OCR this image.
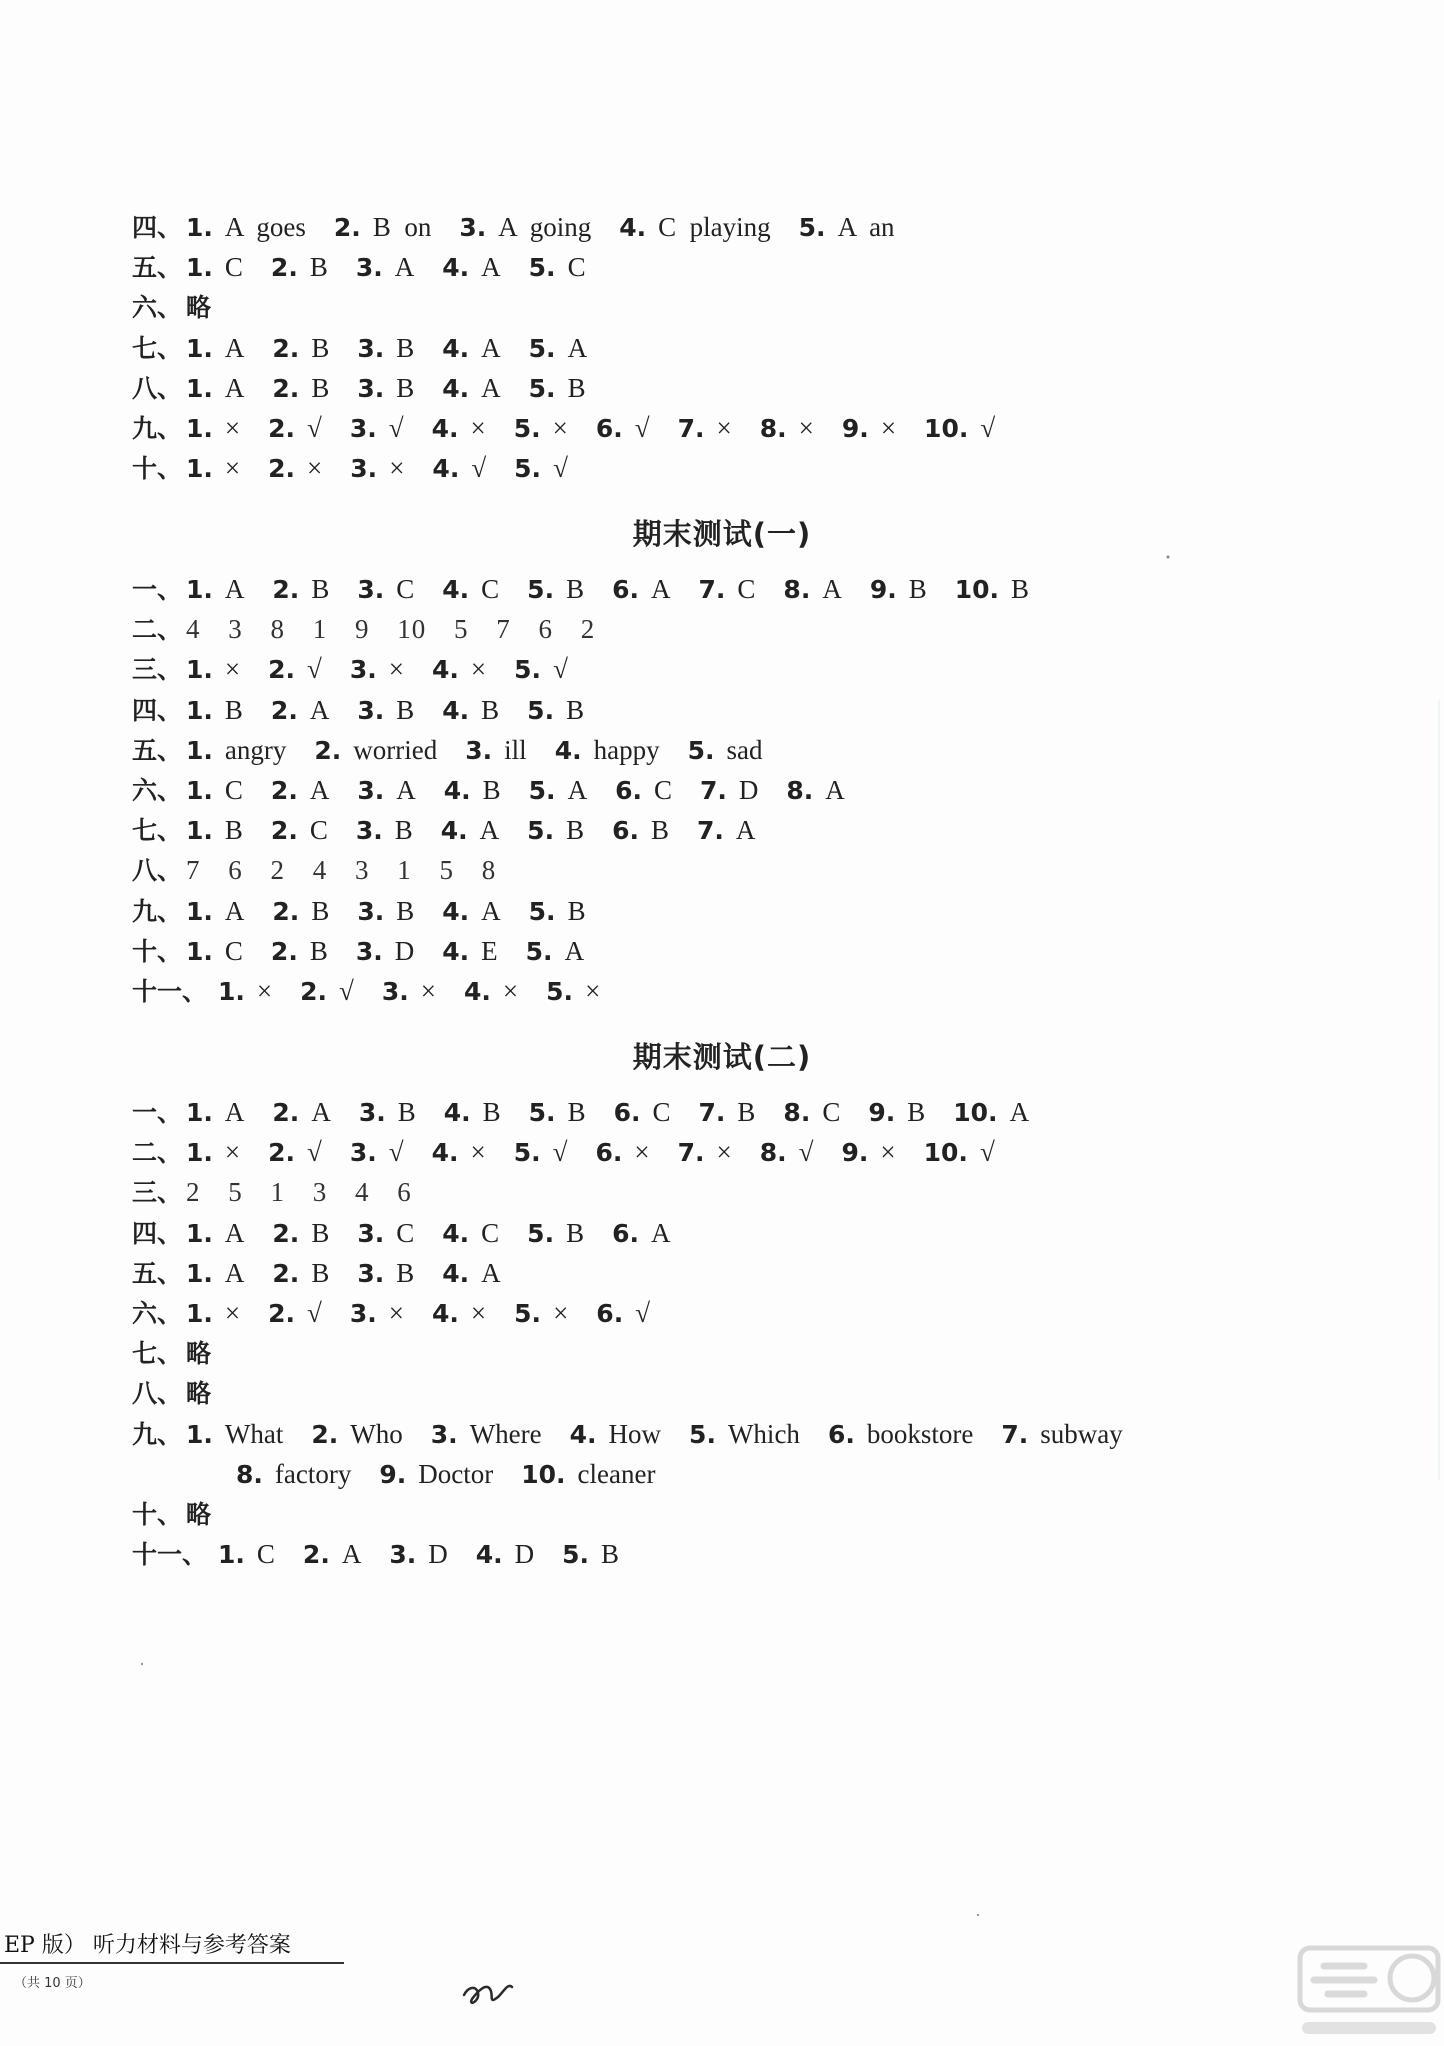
四、 1. A  goes 2. B  on 3. A  going 4. C  playing 5. A  an
五、 1. C 2. B 3. A 4. A 5. C
六、 略
七、 1. A 2. B 3. B 4. A 5. A
八、 1. A 2. B 3. B 4. A 5. B
九、 1. × 2. √ 3. √ 4. × 5. × 6. √ 7. × 8. × 9. × 10. √
十、 1. × 2. × 3. × 4. √ 5. √
期末测试(一)
一、 1. A 2. B 3. C 4. C 5. B 6. A 7. C 8. A 9. B 10. B
二、 4 3 8 1 9 10 5 7 6 2
三、 1. × 2. √ 3. × 4. × 5. √
四、 1. B 2. A 3. B 4. B 5. B
五、 1. angry 2. worried 3. ill 4. happy 5. sad
六、 1. C 2. A 3. A 4. B 5. A 6. C 7. D 8. A
七、 1. B 2. C 3. B 4. A 5. B 6. B 7. A
八、 7 6 2 4 3 1 5 8
九、 1. A 2. B 3. B 4. A 5. B
十、 1. C 2. B 3. D 4. E 5. A
十一、 1. × 2. √ 3. × 4. × 5. ×
期末测试(二)
一、 1. A 2. A 3. B 4. B 5. B 6. C 7. B 8. C 9. B 10. A
二、 1. × 2. √ 3. √ 4. × 5. √ 6. × 7. × 8. √ 9. × 10. √
三、 2 5 1 3 4 6
四、 1. A 2. B 3. C 4. C 5. B 6. A
五、 1. A 2. B 3. B 4. A
六、 1. × 2. √ 3. × 4. × 5. × 6. √
七、 略
八、 略
九、 1. What 2. Who 3. Where 4. How 5. Which 6. bookstore 7. subway
8. factory 9. Doctor 10. cleaner
十、 略
十一、 1. C 2. A 3. D 4. D 5. B
EP 版） 听力材料与参考答案
（共 10 页）
